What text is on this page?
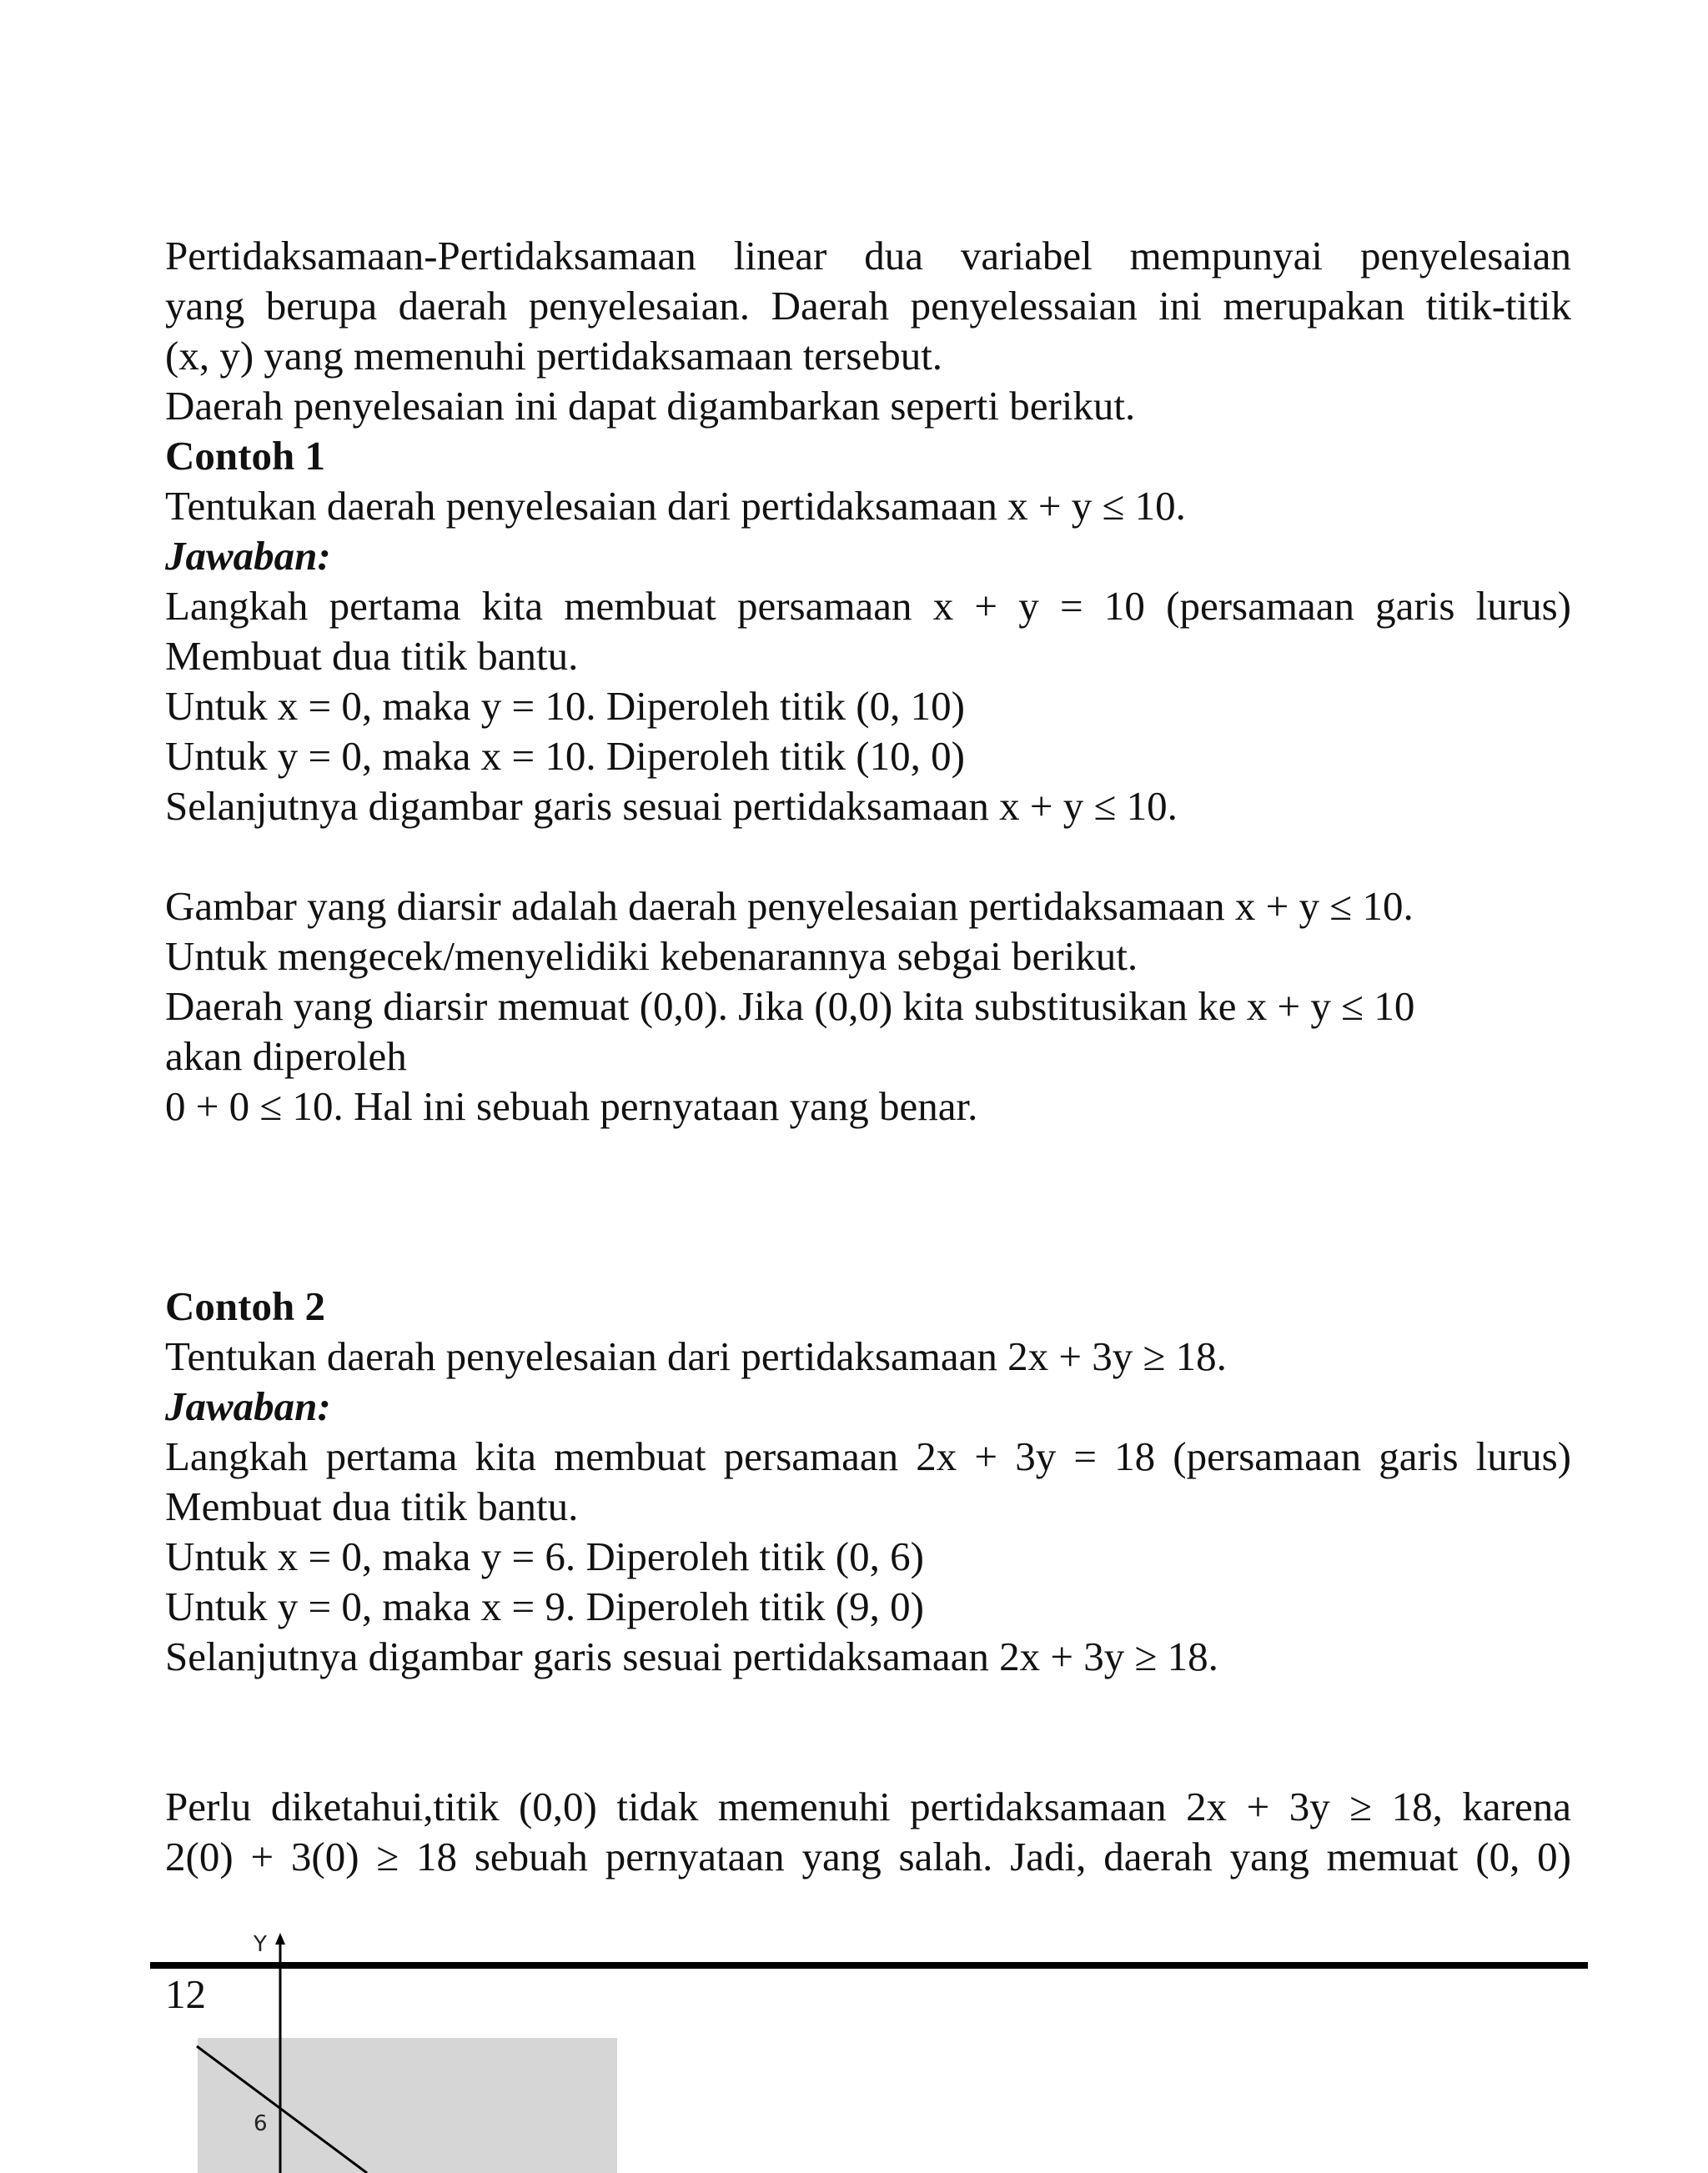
Pertidaksamaan-Pertidaksamaan linear dua variabel mempunyai penyelesaian
yang berupa daerah penyelesaian. Daerah penyelessaian ini merupakan titik-titik
(x, y) yang memenuhi pertidaksamaan tersebut.
Daerah penyelesaian ini dapat digambarkan seperti berikut.
Contoh 1
Tentukan daerah penyelesaian dari pertidaksamaan x + y ≤ 10.
Jawaban:
Langkah pertama kita membuat persamaan x + y = 10 (persamaan garis lurus)
Membuat dua titik bantu.
Untuk x = 0, maka y = 10. Diperoleh titik (0, 10)
Untuk y = 0, maka x = 10. Diperoleh titik (10, 0)
Selanjutnya digambar garis sesuai pertidaksamaan x + y ≤ 10.
Gambar yang diarsir adalah daerah penyelesaian pertidaksamaan x + y ≤ 10.
Untuk mengecek/menyelidiki kebenarannya sebgai berikut.
Daerah yang diarsir memuat (0,0). Jika (0,0) kita substitusikan ke x + y ≤ 10
akan diperoleh
0 + 0 ≤ 10. Hal ini sebuah pernyataan yang benar.
Contoh 2
Tentukan daerah penyelesaian dari pertidaksamaan 2x + 3y ≥ 18.
Jawaban:
Langkah pertama kita membuat persamaan 2x + 3y = 18 (persamaan garis lurus)
Membuat dua titik bantu.
Untuk x = 0, maka y = 6. Diperoleh titik (0, 6)
Untuk y = 0, maka x = 9. Diperoleh titik (9, 0)
Selanjutnya digambar garis sesuai pertidaksamaan 2x + 3y ≥ 18.
Perlu diketahui,titik (0,0) tidak memenuhi pertidaksamaan 2x + 3y ≥ 18, karena
2(0) + 3(0) ≥ 18 sebuah pernyataan yang salah. Jadi, daerah yang memuat (0, 0)
Y
6
12
